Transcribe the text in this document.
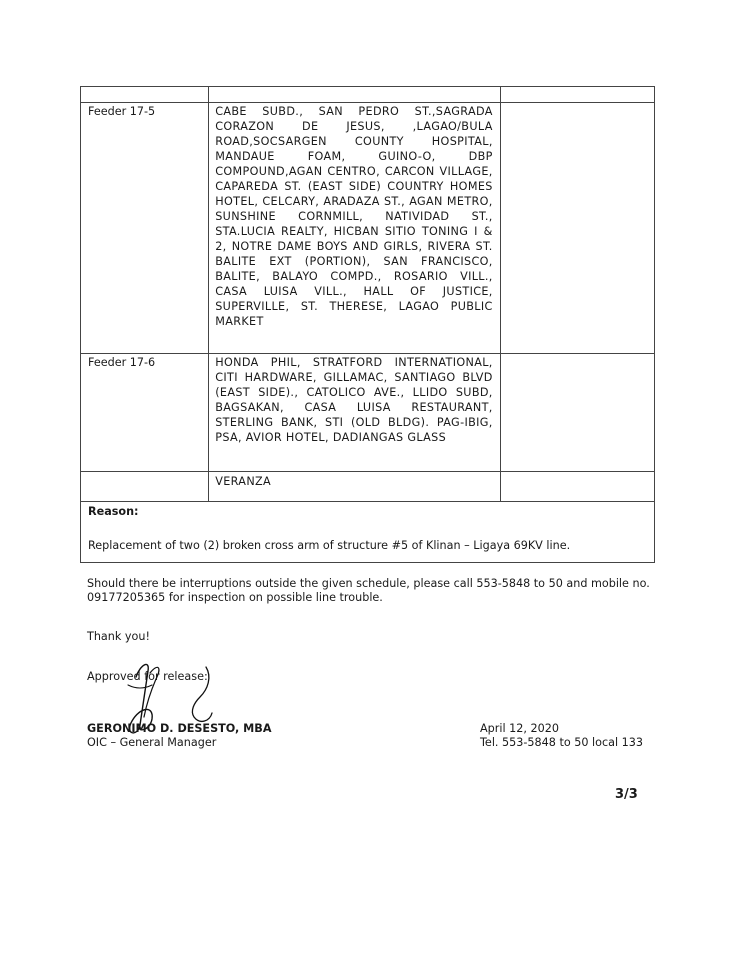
Feeder 17-5	CABE SUBD., SAN PEDRO ST.,SAGRADA CORAZON DE JESUS, ,LAGAO/BULA ROAD,SOCSARGEN COUNTY HOSPITAL, MANDAUE FOAM, GUINO-O, DBP COMPOUND,AGAN CENTRO, CARCON VILLAGE, CAPAREDA ST. (EAST SIDE) COUNTRY HOMES HOTEL, CELCARY, ARADAZA ST., AGAN METRO, SUNSHINE CORNMILL, NATIVIDAD ST., STA.LUCIA REALTY, HICBAN SITIO TONING I & 2, NOTRE DAME BOYS AND GIRLS, RIVERA ST. BALITE EXT (PORTION), SAN FRANCISCO, BALITE, BALAYO COMPD., ROSARIO VILL., CASA LUISA VILL., HALL OF JUSTICE, SUPERVILLE, ST. THERESE, LAGAO PUBLIC MARKET	

Feeder 17-6	HONDA PHIL, STRATFORD INTERNATIONAL, CITI HARDWARE, GILLAMAC, SANTIAGO BLVD (EAST SIDE)., CATOLICO AVE., LLIDO SUBD, BAGSAKAN, CASA LUISA RESTAURANT, STERLING BANK, STI (OLD BLDG). PAG-IBIG, PSA, AVIOR HOTEL, DADIANGAS GLASS	

	VERANZA	

Reason:

Replacement of two (2) broken cross arm of structure #5 of Klinan – Ligaya 69KV line.		

Should there be interruptions outside the given schedule, please call 553-5848 to 50 and mobile no. 09177205365 for inspection on possible line trouble.
Thank you!
Approved for release:
GERONIMO D. DESESTO, MBA
OIC – General Manager
April 12, 2020
Tel. 553-5848 to 50 local 133
3/3
